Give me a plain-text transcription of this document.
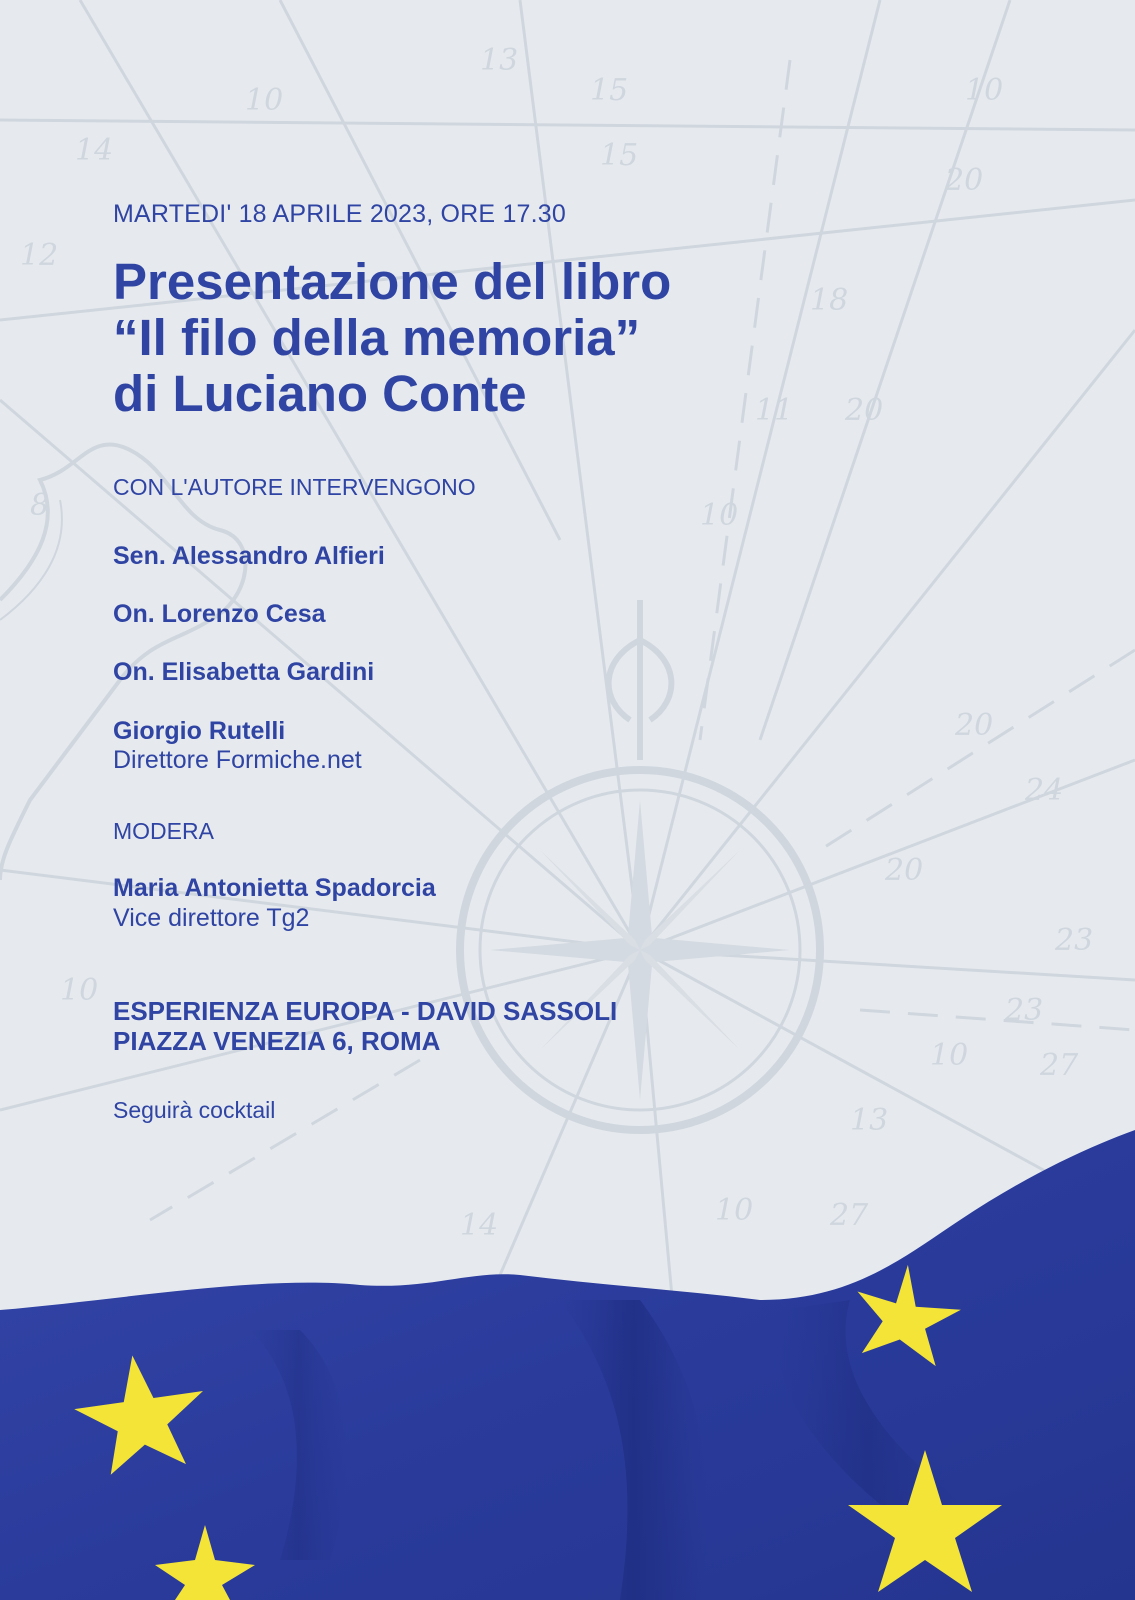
10
13
15
15
14
10
20
18
20
11
10
20
24
20
23
23
10 27
13
10
8
12
10
14	27
MARTEDI' 18 APRILE 2023, ORE 17.30
Presentazione del libro
“Il filo della memoria”
di Luciano Conte
CON L'AUTORE INTERVENGONO
Sen. Alessandro Alfieri
On. Lorenzo Cesa
On. Elisabetta Gardini
Giorgio Rutelli
Direttore Formiche.net
MODERA
Maria Antonietta Spadorcia
Vice direttore Tg2
ESPERIENZA EUROPA - DAVID SASSOLI
PIAZZA VENEZIA 6, ROMA
Seguirà cocktail
